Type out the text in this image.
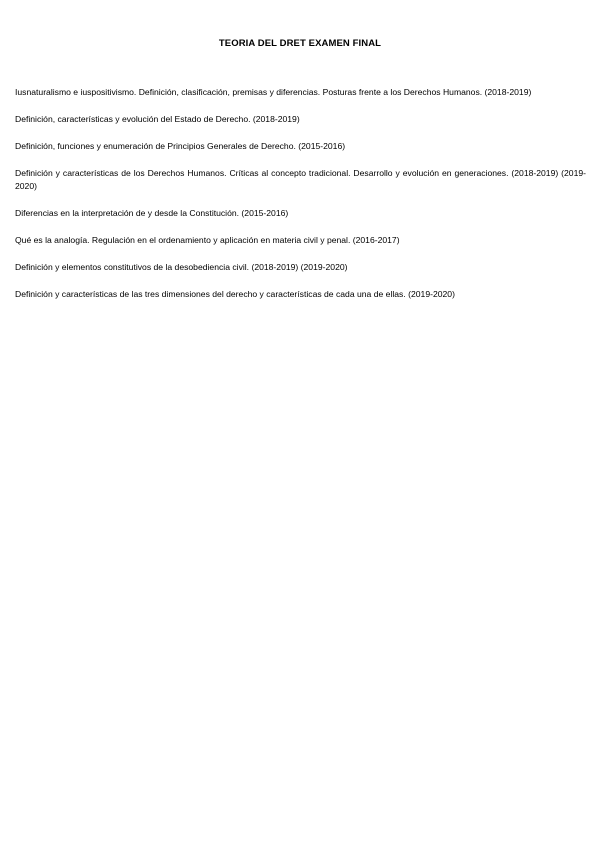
TEORIA DEL DRET EXAMEN FINAL
Iusnaturalismo e iuspositivismo. Definición, clasificación, premisas y diferencias. Posturas frente a los Derechos Humanos. (2018-2019)
Definición, características y evolución del Estado de Derecho. (2018-2019)
Definición, funciones y enumeración de Principios Generales de Derecho. (2015-2016)
Definición y características de los Derechos Humanos. Críticas al concepto tradicional. Desarrollo y evolución en generaciones. (2018-2019) (2019-2020)
Diferencias en la interpretación de y desde la Constitución. (2015-2016)
Qué es la analogía. Regulación en el ordenamiento y aplicación en materia civil y penal. (2016-2017)
Definición y elementos constitutivos de la desobediencia civil. (2018-2019) (2019-2020)
Definición y características de las tres dimensiones del derecho y características de cada una de ellas. (2019-2020)
